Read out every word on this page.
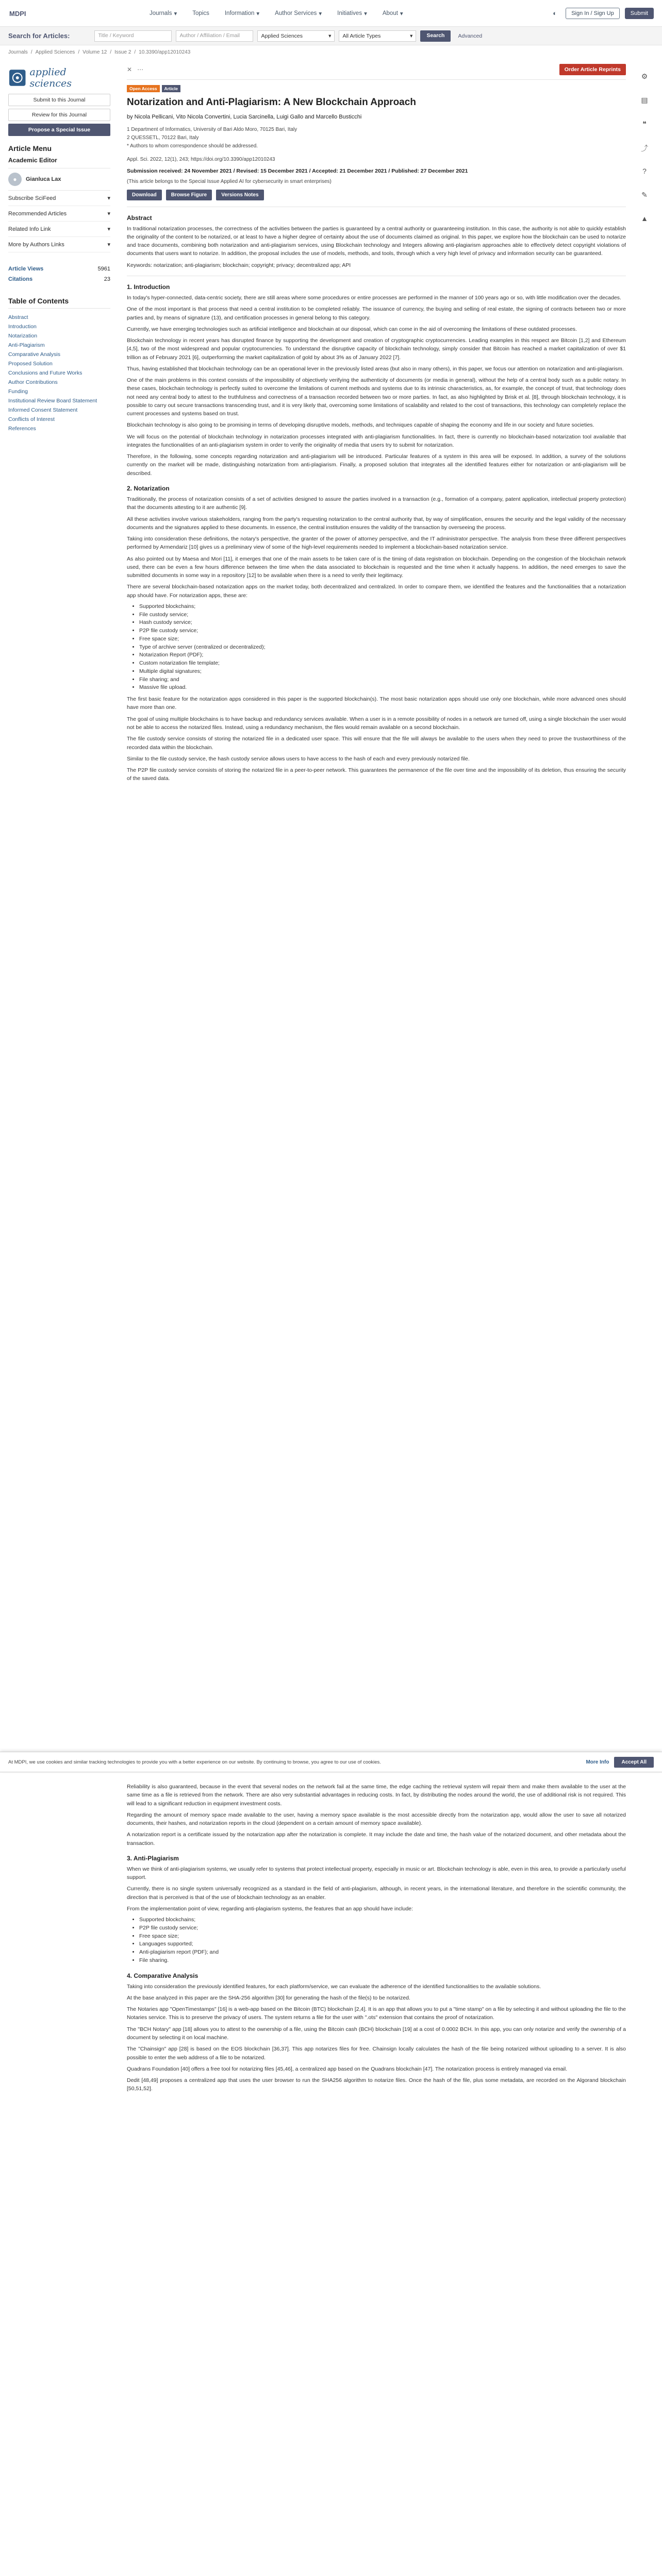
MDPI	Journals ▾	Topics	Information ▾	Author Services ▾	Initiatives ▾	About ▾	◐	Sign In / Sign Up	Submit
Search for Articles:	Title / Keyword	Author / Affiliation / Email	Applied Sciences	▾ All Article Types	▾	Search	Advanced
Journals / Applied Sciences / Volume 12 / Issue 2 / 10.3390/app12010243
applied sciences
Submit to this Journal
Review for this Journal
Propose a Special Issue
Article Menu
Academic Editor
●	Gianluca Lax
Subscribe SciFeed	▾
Recommended Articles	▾
Related Info Link	▾
More by Authors Links	▾
Article Views	5961
Citations	23
Table of Contents
Abstract
Introduction
Notarization
Anti-Plagiarism
Comparative Analysis
Proposed Solution
Conclusions and Future Works
Author Contributions
Funding
Institutional Review Board Statement
Informed Consent Statement
Conflicts of Interest
References
✕ ⋯	Order Article Reprints
Open Access	Article
Notarization and Anti-Plagiarism: A New Blockchain Approach
by Nicola Pellicani, Vito Nicola Convertini, Lucia Sarcinella, Luigi Gallo and Marcello Busticchi
1 Department of Informatics, University of Bari Aldo Moro, 70125 Bari, Italy
2 QUESSETL, 70122 Bari, Italy
* Authors to whom correspondence should be addressed.
Appl. Sci. 2022, 12(1), 243; https://doi.org/10.3390/app12010243
Submission received: 24 November 2021 / Revised: 15 December 2021 / Accepted: 21 December 2021 / Published: 27 December 2021
(This article belongs to the Special Issue Applied AI for cybersecurity in smart enterprises)
Download	Browse Figure	Versions Notes
Abstract

In traditional notarization processes, the correctness of the activities between the parties is guaranteed by a central authority or guaranteeing institution. In this case, the authority is not able to quickly establish the originality of the content to be notarized, or at least to have a higher degree of certainty about the use of documents claimed as original. In this paper, we explore how the blockchain can be used to notarize and trace documents, combining both notarization and anti-plagiarism services, using Blockchain technology and Integers allowing anti-plagiarism approaches able to effectively detect copyright violations of documents that users want to notarize. In addition, the proposal includes the use of models, methods, and tools, through which a very high level of privacy and information security can be guaranteed.

Keywords: notarization; anti-plagiarism; blockchain; copyright; privacy; decentralized app; API
1. Introduction

In today's hyper-connected, data-centric society, there are still areas where some procedures or entire processes are performed in the manner of 100 years ago or so, with little modification over the decades.

One of the most important is that process that need a central institution to be completed reliably. The issuance of currency, the buying and selling of real estate, the signing of contracts between two or more parties and, by means of signature (13), and certification processes in general belong to this category.

Currently, we have emerging technologies such as artificial intelligence and blockchain at our disposal, which can come in the aid of overcoming the limitations of these outdated processes.

Blockchain technology in recent years has disrupted finance by supporting the development and creation of cryptographic cryptocurrencies. Leading examples in this respect are Bitcoin [1,2] and Ethereum [4,5], two of the most widespread and popular cryptocurrencies. To understand the disruptive capacity of blockchain technology, simply consider that Bitcoin has reached a market capitalization of over $1 trillion as of February 2021 [6], outperforming the market capitalization of gold by about 3% as of January 2022 [7].

Thus, having established that blockchain technology can be an operational lever in the previously listed areas (but also in many others), in this paper, we focus our attention on notarization and anti-plagiarism.

One of the main problems in this context consists of the impossibility of objectively verifying the authenticity of documents (or media in general), without the help of a central body such as a public notary. In these cases, blockchain technology is perfectly suited to overcome the limitations of current methods and systems due to its intrinsic characteristics, as, for example, the concept of trust, that technology does not need any central body to attest to the truthfulness and correctness of a transaction recorded between two or more parties. In fact, as also highlighted by Brisk et al. [8], through blockchain technology, it is possible to carry out secure transactions transcending trust, and it is very likely that, overcoming some limitations of scalability and related to the cost of transactions, this technology can completely replace the current processes and systems based on trust.

Blockchain technology is also going to be promising in terms of developing disruptive models, methods, and techniques capable of shaping the economy and life in our society and future societies.

We will focus on the potential of blockchain technology in notarization processes integrated with anti-plagiarism functionalities. In fact, there is currently no blockchain-based notarization tool available that integrates the functionalities of an anti-plagiarism system in order to verify the originality of media that users try to submit for notarization.

Therefore, in the following, some concepts regarding notarization and anti-plagiarism will be introduced. Particular features of a system in this area will be exposed. In addition, a survey of the solutions currently on the market will be made, distinguishing notarization from anti-plagiarism. Finally, a proposed solution that integrates all the identified features either for notarization or anti-plagiarism will be described.

2. Notarization

Traditionally, the process of notarization consists of a set of activities designed to assure the parties involved in a transaction (e.g., formation of a company, patent application, intellectual property protection) that the documents attesting to it are authentic [9].

All these activities involve various stakeholders, ranging from the party's requesting notarization to the central authority that, by way of simplification, ensures the security and the legal validity of the necessary documents and the signatures applied to these documents. In essence, the central institution ensures the validity of the transaction by overseeing the process.

Taking into consideration these definitions, the notary's perspective, the granter of the power of attorney perspective, and the IT administrator perspective. The analysis from these three different perspectives performed by Armendariz [10] gives us a preliminary view of some of the high-level requirements needed to implement a blockchain-based notarization service.

As also pointed out by Maesa and Mori [11], it emerges that one of the main assets to be taken care of is the timing of data registration on blockchain. Depending on the congestion of the blockchain network used, there can be even a few hours difference between the time when the data associated to blockchain is requested and the time when it actually happens. In addition, the need emerges to save the submitted documents in some way in a repository [12] to be available when there is a need to verify their legitimacy.

There are several blockchain-based notarization apps on the market today, both decentralized and centralized. In order to compare them, we identified the features and the functionalities that a notarization app should have. For notarization apps, these are:

• Supported blockchains;
• File custody service;
• Hash custody service;
• P2P file custody service;
• Free space size;
• Type of archive server (centralized or decentralized);
• Notarization Report (PDF);
• Custom notarization file template;
• Multiple digital signatures;
• File sharing; and
• Massive file upload.

The first basic feature for the notarization apps considered in this paper is the supported blockchain(s). The most basic notarization apps should use only one blockchain, while more advanced ones should have more than one.

The goal of using multiple blockchains is to have backup and redundancy services available. When a user is in a remote possibility of nodes in a network are turned off, using a single blockchain the user would not be able to access the notarized files. Instead, using a redundancy mechanism, the files would remain available on a second blockchain.

The file custody service consists of storing the notarized file in a dedicated user space. This will ensure that the file will always be available to the users when they need to prove the trustworthiness of the recorded data within the blockchain.

Similar to the file custody service, the hash custody service allows users to have access to the hash of each and every previously notarized file.

The P2P file custody service consists of storing the notarized file in a peer-to-peer network. This guarantees the permanence of the file over time and the impossibility of its deletion, thus ensuring the security of the saved data.

At MDPI, we use cookies and similar tracking technologies to provide you with a better experience on our website. By continuing to browse, you agree to our use of cookies.	More Info	Accept All

Reliability is also guaranteed, because in the event that several nodes on the network fail at the same time, the edge caching the retrieval system will repair them and make them available to the user at the same time as a file is retrieved from the network. There are also very substantial advantages in reducing costs. In fact, by distributing the nodes around the world, the use of additional risk is not required. This will lead to a significant reduction in equipment investment costs.

Regarding the amount of memory space made available to the user, having a memory space available is the most accessible directly from the notarization app, would allow the user to save all notarized documents, their hashes, and notarization reports in the cloud (dependent on a certain amount of memory space available).

A notarization report is a certificate issued by the notarization app after the notarization is complete. It may include the date and time, the hash value of the notarized document, and other metadata about the transaction.

3. Anti-Plagiarism

When we think of anti-plagiarism systems, we usually refer to systems that protect intellectual property, especially in music or art. Blockchain technology is able, even in this area, to provide a particularly useful support.

Currently, there is no single system universally recognized as a standard in the field of anti-plagiarism, although, in recent years, in the international literature, and therefore in the scientific community, the direction that is perceived is that of the use of blockchain technology as an enabler.

From the implementation point of view, regarding anti-plagiarism systems, the features that an app should have include:

• Supported blockchains;
• P2P file custody service;
• Free space size;
• Languages supported;
• Anti-plagiarism report (PDF); and
• File sharing.
4. Comparative Analysis

Taking into consideration the previously identified features, for each platform/service, we can evaluate the adherence of the identified functionalities to the available solutions.

At the base analyzed in this paper are the SHA-256 algorithm [30] for generating the hash of the file(s) to be notarized.

The Notaries app "OpenTimestamps" [16] is a web-app based on the Bitcoin (BTC) blockchain [2,4]. It is an app that allows you to put a "time stamp" on a file by selecting it and without uploading the file to the Notaries service. This is to preserve the privacy of users. The system returns a file for the user with ".ots" extension that contains the proof of notarization.

The "BCH Notary" app [18] allows you to attest to the ownership of a file, using the Bitcoin cash (BCH) blockchain [19] at a cost of 0.0002 BCH. In this app, you can only notarize and verify the ownership of a document by selecting it on local machine.

The "Chainsign" app [28] is based on the EOS blockchain [36,37]. This app notarizes files for free. Chainsign locally calculates the hash of the file being notarized without uploading to a server. It is also possible to enter the web address of a file to be notarized.

Quadrans Foundation [40] offers a free tool for notarizing files [45,46], a centralized app based on the Quadrans blockchain [47]. The notarization process is entirely managed via email.

Dedit [48,49] proposes a centralized app that uses the user browser to run the SHA256 algorithm to notarize files. Once the hash of the file, plus some metadata, are recorded on the Algorand blockchain [50,51,52].

⚙
▤
❝
⤴
?
✎
▲
